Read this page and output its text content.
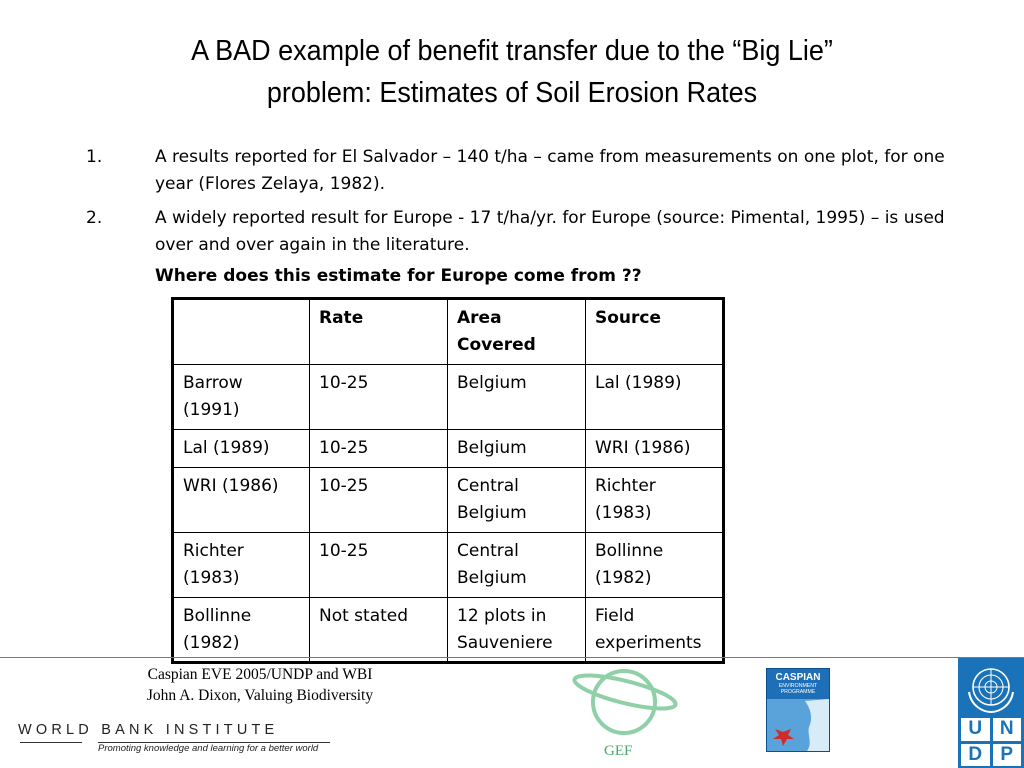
A BAD example of benefit transfer due to the “Big Lie”
problem: Estimates of Soil Erosion Rates
1.	A results reported for El Salvador – 140 t/ha – came from measurements on one plot, for one year (Flores Zelaya, 1982).
2.	A widely reported result for Europe - 17 t/ha/yr. for Europe (source: Pimental, 1995) – is used over and over again in the literature.
Where does this estimate for Europe come from ??
	Rate	Area Covered	Source
Barrow (1991)	10-25	Belgium	Lal (1989)
Lal (1989)	10-25	Belgium	WRI (1986)
WRI (1986)	10-25	Central Belgium	Richter (1983)
Richter (1983)	10-25	Central Belgium	Bollinne (1982)
Bollinne (1982)	Not stated	12 plots in Sauveniere	Field experiments
Caspian EVE 2005/UNDP and WBI
John A. Dixon, Valuing Biodiversity
WORLD BANK INSTITUTE
Promoting knowledge and learning for a better world	GEF
CASPIAN
ENVIRONMENT
PROGRAMME
U N
D P
